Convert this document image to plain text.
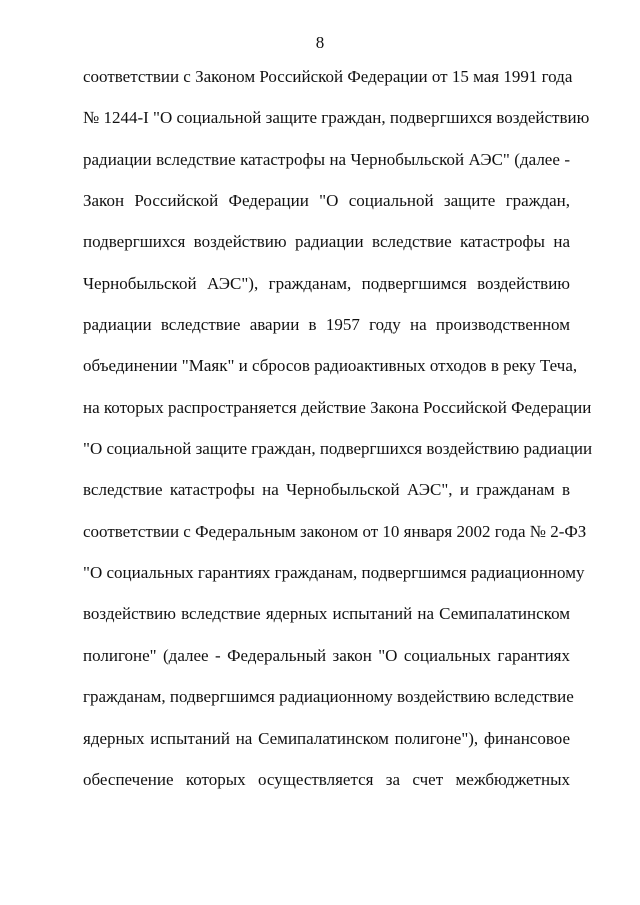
8
соответствии с Законом Российской Федерации от 15 мая 1991 года
№ 1244-I "О социальной защите граждан, подвергшихся воздействию
радиации вследствие катастрофы на Чернобыльской АЭС" (далее -
Закон Российской Федерации "О социальной защите граждан,
подвергшихся воздействию радиации вследствие катастрофы на
Чернобыльской АЭС"), гражданам, подвергшимся воздействию
радиации вследствие аварии в 1957 году на производственном
объединении "Маяк" и сбросов радиоактивных отходов в реку Теча,
на которых распространяется действие Закона Российской Федерации
"О социальной защите граждан, подвергшихся воздействию радиации
вследствие катастрофы на Чернобыльской АЭС", и гражданам в
соответствии с Федеральным законом от 10 января 2002 года № 2-ФЗ
"О социальных гарантиях гражданам, подвергшимся радиационному
воздействию вследствие ядерных испытаний на Семипалатинском
полигоне" (далее - Федеральный закон "О социальных гарантиях
гражданам, подвергшимся радиационному воздействию вследствие
ядерных испытаний на Семипалатинском полигоне"), финансовое
обеспечение которых осуществляется за счет межбюджетных
